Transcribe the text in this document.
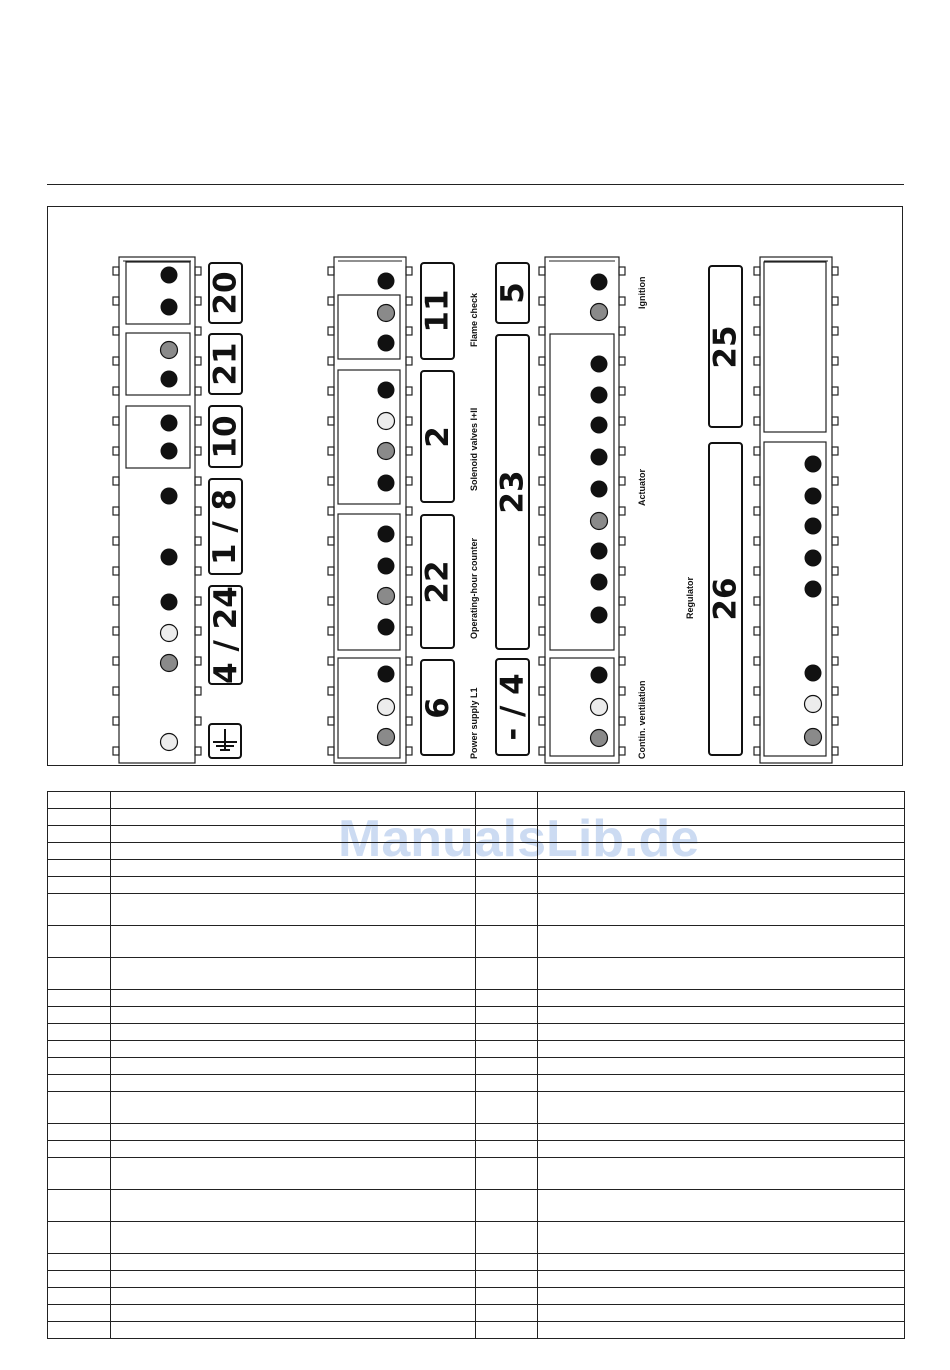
20
21
10
1 / 8
4 / 24
11
2
22
6
5
23
- / 4
25
26
Flame check
Solenoid valves I+II
Operating-hour counter
Power supply L1
Ignition
Actuator
Contin. ventilation
Regulator
ManualsLib.de
